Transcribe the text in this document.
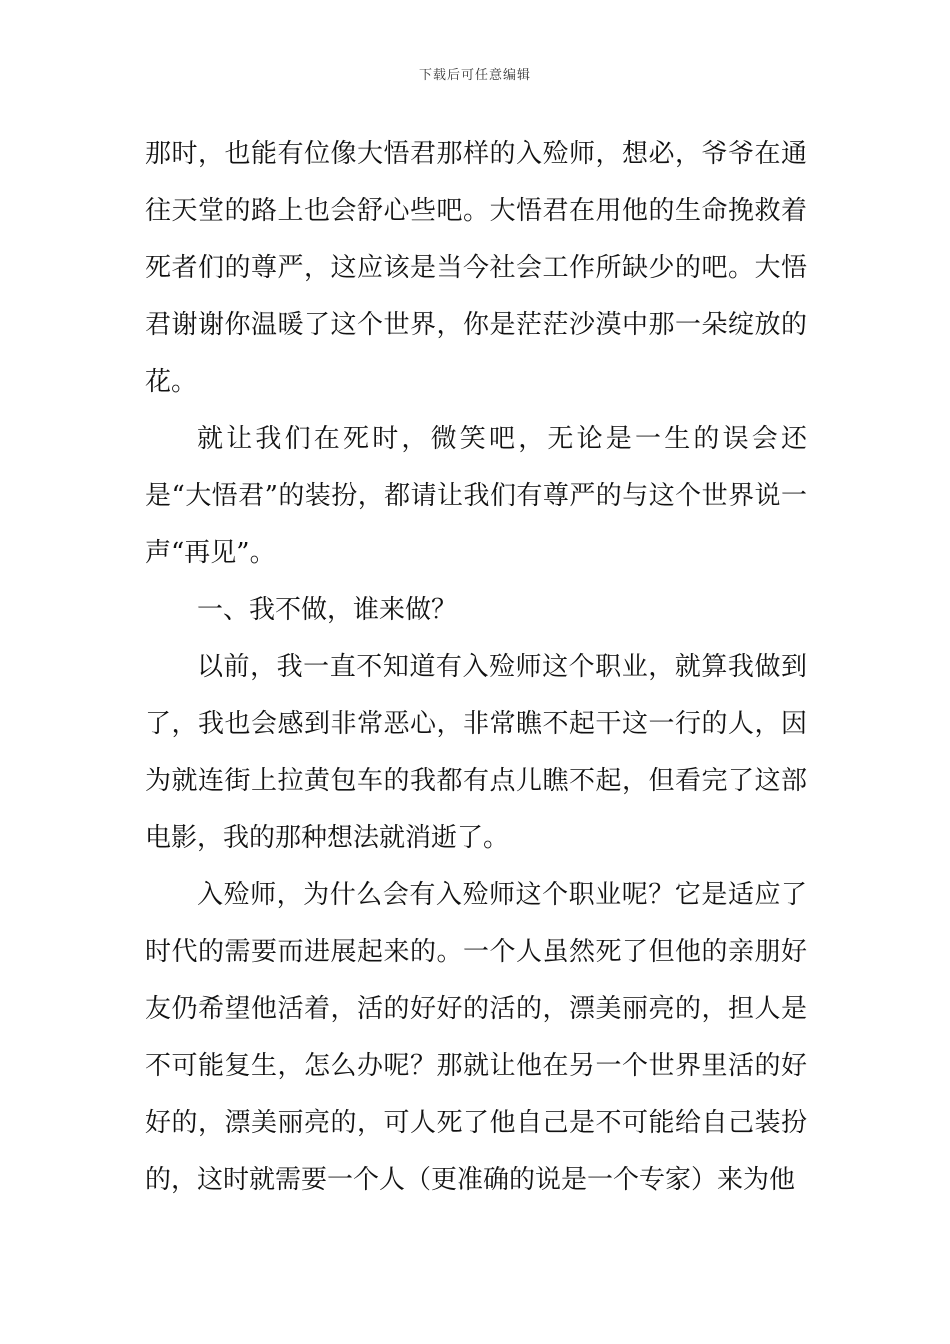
下载后可任意编辑

那时，也能有位像大悟君那样的入殓师，想必，爷爷在通往天堂的路上也会舒心些吧。大悟君在用他的生命挽救着死者们的尊严，这应该是当今社会工作所缺少的吧。大悟君谢谢你温暖了这个世界，你是茫茫沙漠中那一朵绽放的花。

就让我们在死时，微笑吧，无论是一生的误会还是“大悟君”的装扮，都请让我们有尊严的与这个世界说一声“再见”。

一、我不做，谁来做？

以前，我一直不知道有入殓师这个职业，就算我做到了，我也会感到非常恶心，非常瞧不起干这一行的人，因为就连街上拉黄包车的我都有点儿瞧不起，但看完了这部电影，我的那种想法就消逝了。

入殓师，为什么会有入殓师这个职业呢？它是适应了时代的需要而进展起来的。一个人虽然死了但他的亲朋好友仍希望他活着，活的好好的活的，漂美丽亮的，担人是不可能复生，怎么办呢？那就让他在另一个世界里活的好好的，漂美丽亮的，可人死了他自己是不可能给自己装扮的，这时就需要一个人（更准确的说是一个专家）来为他
